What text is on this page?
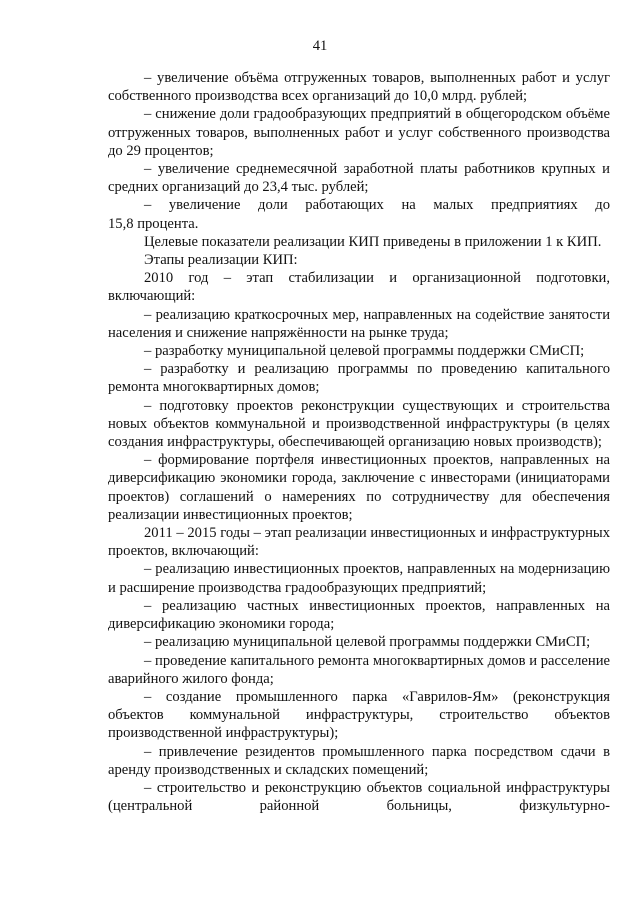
41

– увеличение объёма отгруженных товаров, выполненных работ и услуг собственного производства всех организаций до 10,0 млрд. рублей;

– снижение доли градообразующих предприятий в общегородском объёме отгруженных товаров, выполненных работ и услуг собственного производства до 29 процентов;

– увеличение среднемесячной заработной платы работников крупных и средних организаций до 23,4 тыс. рублей;

– увеличение доли работающих на малых предприятиях до

15,8 процента.

Целевые показатели реализации КИП приведены в приложении 1 к КИП.

Этапы реализации КИП:

2010 год – этап стабилизации и организационной подготовки, включающий:

– реализацию краткосрочных мер, направленных на содействие занятости населения и снижение напряжённости на рынке труда;

– разработку муниципальной целевой программы поддержки СМиСП;

– разработку и реализацию программы по проведению капитального ремонта многоквартирных домов;

– подготовку проектов реконструкции существующих и строительства новых объектов коммунальной и производственной инфраструктуры (в целях создания инфраструктуры, обеспечивающей организацию новых производств);

– формирование портфеля инвестиционных проектов, направленных на диверсификацию экономики города, заключение с инвесторами (инициаторами проектов) соглашений о намерениях по сотрудничеству для обеспечения реализации инвестиционных проектов;

2011 – 2015 годы – этап реализации инвестиционных и инфраструктурных проектов, включающий:

– реализацию инвестиционных проектов, направленных на модернизацию и расширение производства градообразующих предприятий;

– реализацию частных инвестиционных проектов, направленных на диверсификацию экономики города;

– реализацию муниципальной целевой программы поддержки СМиСП;

– проведение капитального ремонта многоквартирных домов и расселение аварийного жилого фонда;

– создание промышленного парка «Гаврилов-Ям» (реконструкция объектов коммунальной инфраструктуры, строительство объектов производственной инфраструктуры);

– привлечение резидентов промышленного парка посредством сдачи в аренду производственных и складских помещений;

– строительство и реконструкцию объектов социальной инфраструктуры (центральной районной больницы, физкультурно-
